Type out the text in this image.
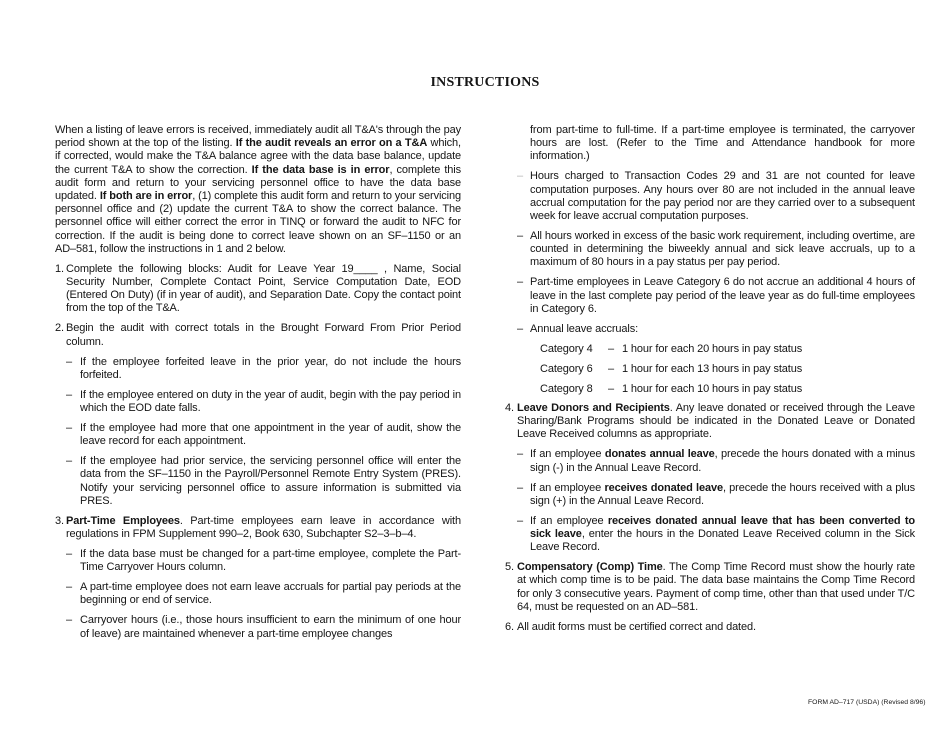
INSTRUCTIONS
When a listing of leave errors is received, immediately audit all T&A's through the pay period shown at the top of the listing. If the audit reveals an error on a T&A which, if corrected, would make the T&A balance agree with the data base balance, update the current T&A to show the correction. If the data base is in error, complete this audit form and return to your servicing personnel office to have the data base updated. If both are in error, (1) complete this audit form and return to your servicing personnel office and (2) update the current T&A to show the correct balance. The personnel office will either correct the error in TINQ or forward the audit to NFC for correction. If the audit is being done to correct leave shown on an SF–1150 or an AD–581, follow the instructions in 1 and 2 below.
1. Complete the following blocks: Audit for Leave Year 19____ , Name, Social Security Number, Complete Contact Point, Service Computation Date, EOD (Entered On Duty) (if in year of audit), and Separation Date. Copy the contact point from the top of the T&A.
2. Begin the audit with correct totals in the Brought Forward From Prior Period column.
– If the employee forfeited leave in the prior year, do not include the hours forfeited.
– If the employee entered on duty in the year of audit, begin with the pay period in which the EOD date falls.
– If the employee had more that one appointment in the year of audit, show the leave record for each appointment.
– If the employee had prior service, the servicing personnel office will enter the data from the SF–1150 in the Payroll/Personnel Remote Entry System (PRES). Notify your servicing personnel office to assure information is submitted via PRES.
3. Part-Time Employees. Part-time employees earn leave in accordance with regulations in FPM Supplement 990–2, Book 630, Subchapter S2–3–b–4.
– If the data base must be changed for a part-time employee, complete the Part-Time Carryover Hours column.
– A part-time employee does not earn leave accruals for partial pay periods at the beginning or end of service.
– Carryover hours (i.e., those hours insufficient to earn the minimum of one hour of leave) are maintained whenever a part-time employee changes
from part-time to full-time. If a part-time employee is terminated, the carryover hours are lost. (Refer to the Time and Attendance handbook for more information.)
– Hours charged to Transaction Codes 29 and 31 are not counted for leave computation purposes. Any hours over 80 are not included in the annual leave accrual computation for the pay period nor are they carried over to a subsequent week for leave accrual computation purposes.
– All hours worked in excess of the basic work requirement, including overtime, are counted in determining the biweekly annual and sick leave accruals, up to a maximum of 80 hours in a pay status per pay period.
– Part-time employees in Leave Category 6 do not accrue an additional 4 hours of leave in the last complete pay period of the leave year as do full-time employees in Category 6.
– Annual leave accruals:
Category 4	– 1 hour for each 20 hours in pay status
Category 6	– 1 hour for each 13 hours in pay status
Category 8	– 1 hour for each 10 hours in pay status
4. Leave Donors and Recipients. Any leave donated or received through the Leave Sharing/Bank Programs should be indicated in the Donated Leave or Donated Leave Received columns as appropriate.
– If an employee donates annual leave, precede the hours donated with a minus sign (-) in the Annual Leave Record.
– If an employee receives donated leave, precede the hours received with a plus sign (+) in the Annual Leave Record.
– If an employee receives donated annual leave that has been converted to sick leave, enter the hours in the Donated Leave Received column in the Sick Leave Record.
5. Compensatory (Comp) Time. The Comp Time Record must show the hourly rate at which comp time is to be paid. The data base maintains the Comp Time Record for only 3 consecutive years. Payment of comp time, other than that used under T/C 64, must be requested on an AD–581.
6. All audit forms must be certified correct and dated.
FORM AD–717 (USDA) (Revised 8/96)
